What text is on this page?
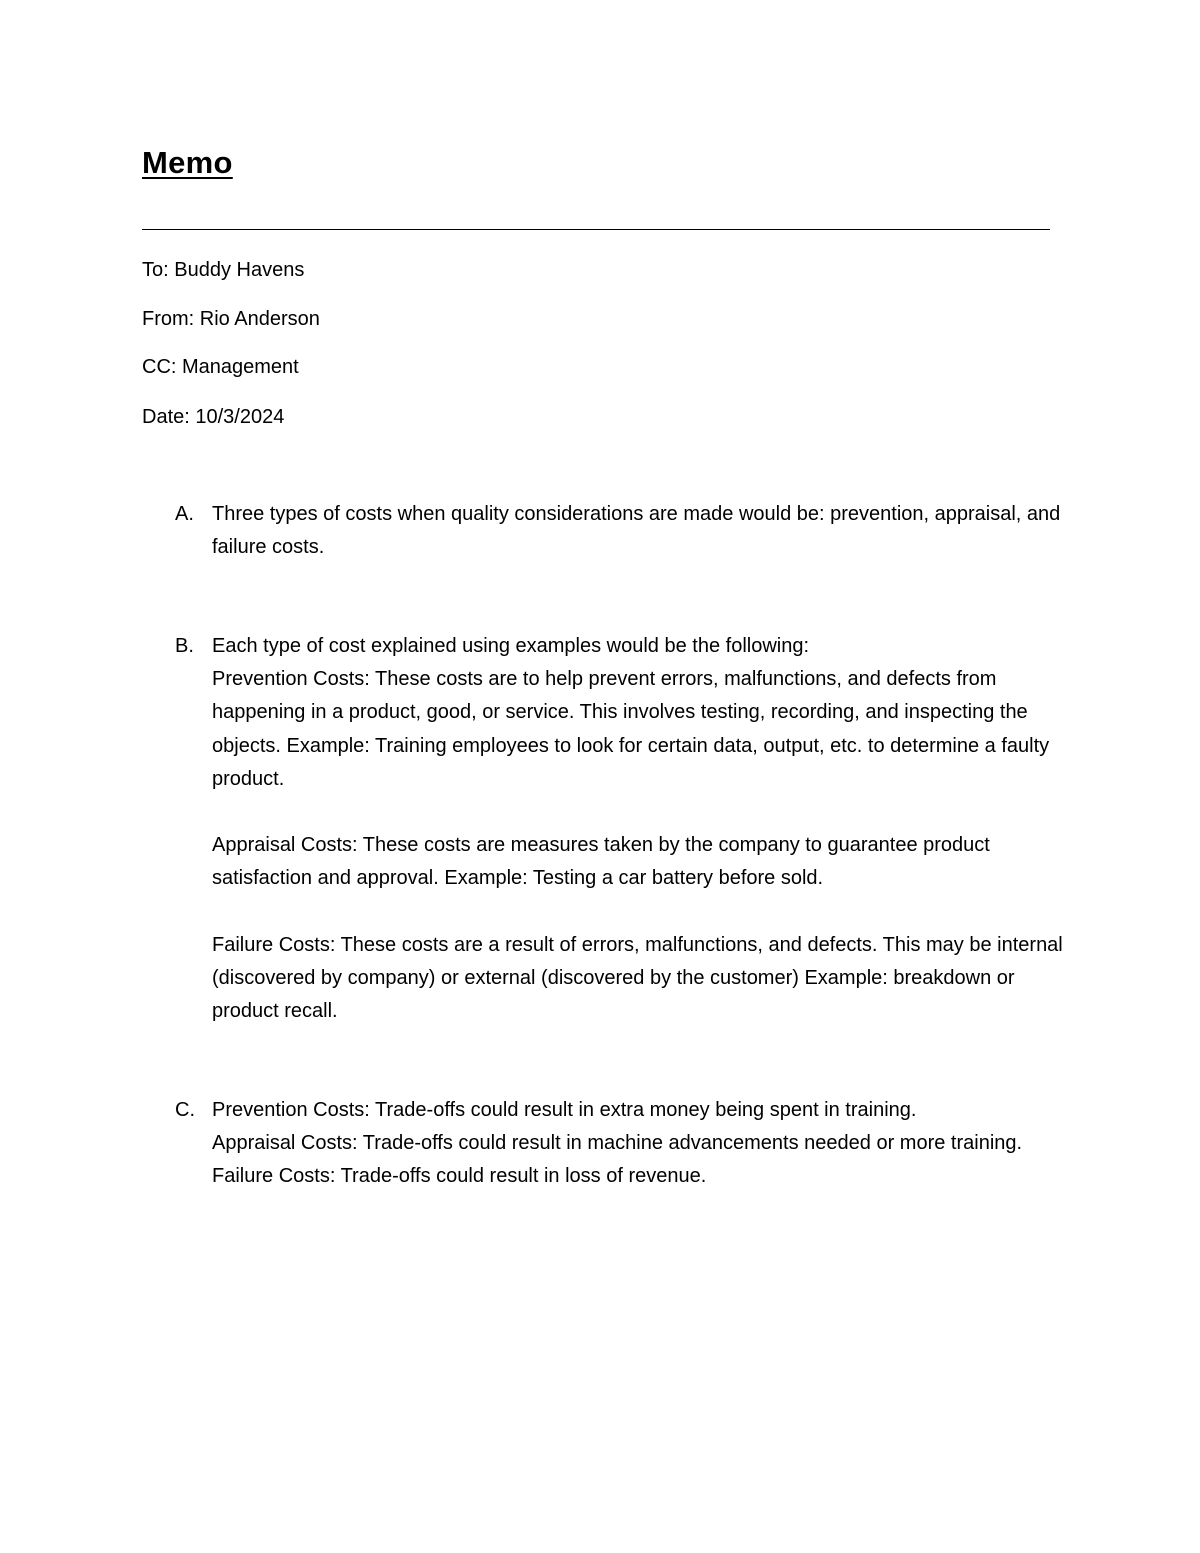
Memo

To: Buddy Havens

From: Rio Anderson

CC: Management

Date: 10/3/2024

A. Three types of costs when quality considerations are made would be: prevention, appraisal, and failure costs.

B. Each type of cost explained using examples would be the following:

Prevention Costs: These costs are to help prevent errors, malfunctions, and defects from happening in a product, good, or service. This involves testing, recording, and inspecting the objects. Example: Training employees to look for certain data, output, etc. to determine a faulty product.

Appraisal Costs: These costs are measures taken by the company to guarantee product satisfaction and approval. Example: Testing a car battery before sold.

Failure Costs: These costs are a result of errors, malfunctions, and defects. This may be internal (discovered by company) or external (discovered by the customer) Example: breakdown or product recall.

C. Prevention Costs: Trade-offs could result in extra money being spent in training.

Appraisal Costs: Trade-offs could result in machine advancements needed or more training.

Failure Costs: Trade-offs could result in loss of revenue.
